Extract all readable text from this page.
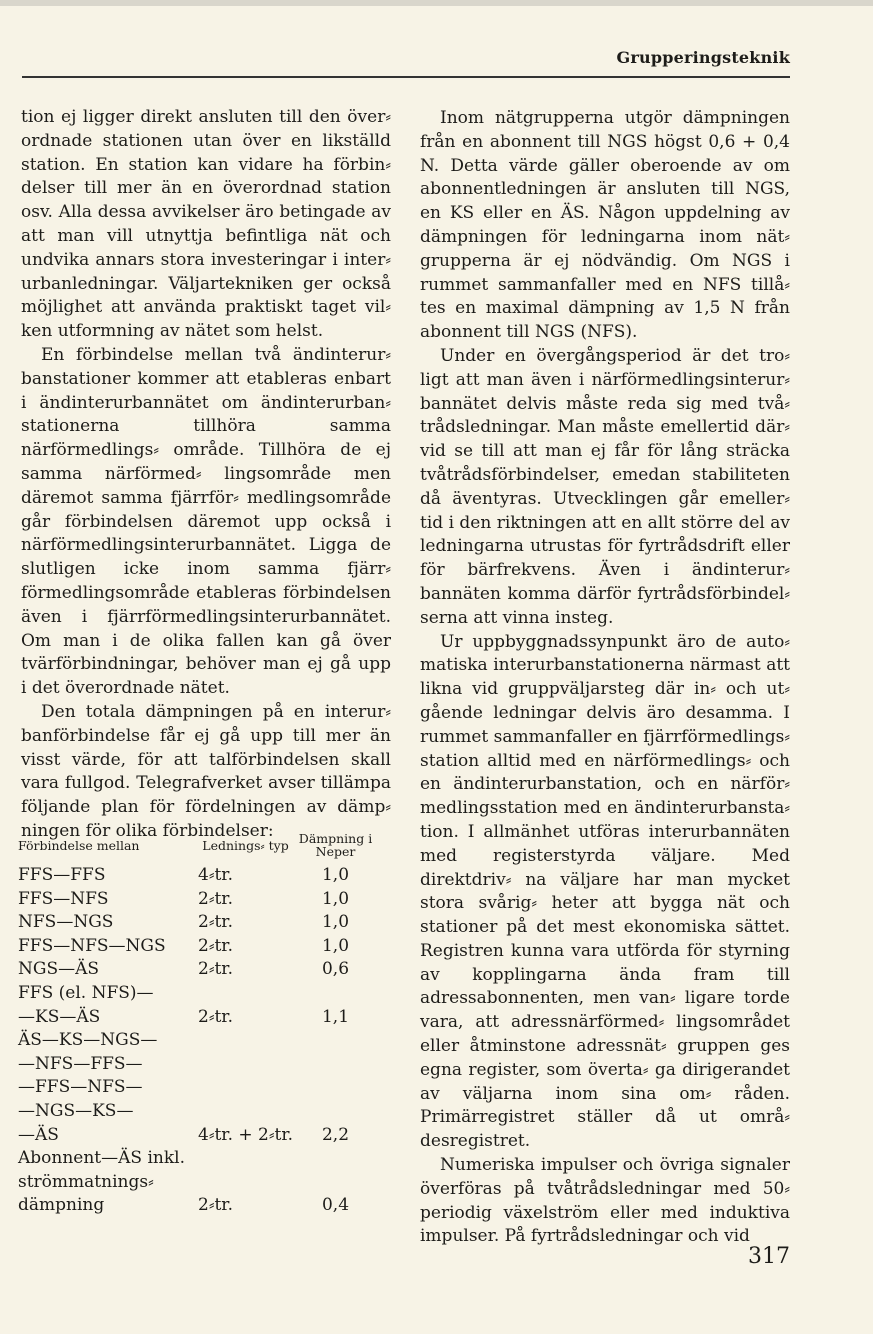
Grupperingsteknik

tion ej ligger direkt ansluten till den över⸗ ordnade stationen utan över en likställd station. En station kan vidare ha förbin⸗ delser till mer än en överordnad station osv. Alla dessa avvikelser äro betingade av att man vill utnyttja befintliga nät och undvika annars stora investeringar i inter⸗ urbanledningar. Väljartekniken ger också möjlighet att använda praktiskt taget vil⸗ ken utformning av nätet som helst.

En förbindelse mellan två ändinterur⸗ banstationer kommer att etableras enbart i ändinterurbannätet om ändinterurban⸗ stationerna tillhöra samma närförmedlings⸗ område. Tillhöra de ej samma närförmed⸗ lingsområde men däremot samma fjärrför⸗ medlingsområde går förbindelsen däremot upp också i närförmedlingsinterurbannätet. Ligga de slutligen icke inom samma fjärr⸗ förmedlingsområde etableras förbindelsen även i fjärrförmedlingsinterurbannätet. Om man i de olika fallen kan gå över tvärförbindningar, behöver man ej gå upp i det överordnade nätet.

Den totala dämpningen på en interur⸗ banförbindelse får ej gå upp till mer än visst värde, för att talförbindelsen skall vara fullgod. Telegrafverket avser tillämpa följande plan för fördelningen av dämp⸗ ningen för olika förbindelser:

Förbindelse mellan	Lednings⸗ typ	Dämpning i Neper
FFS—FFS	4⸗tr.	1,0
FFS—NFS	2⸗tr.	1,0
NFS—NGS	2⸗tr.	1,0
FFS—NFS—NGS	2⸗tr.	1,0
NGS—ÄS	2⸗tr.	0,6
FFS (el. NFS)—		
—KS—ÄS	2⸗tr.	1,1
ÄS—KS—NGS—		
—NFS—FFS—		
—FFS—NFS—		
—NGS—KS—		
—ÄS	4⸗tr. + 2⸗tr.	2,2
Abonnent—ÄS inkl.		
strömmatnings⸗		
dämpning	2⸗tr.	0,4

Inom nätgrupperna utgör dämpningen från en abonnent till NGS högst 0,6 + 0,4 N. Detta värde gäller oberoende av om abonnentledningen är ansluten till NGS, en KS eller en ÄS. Någon uppdelning av dämpningen för ledningarna inom nät⸗ grupperna är ej nödvändig. Om NGS i rummet sammanfaller med en NFS tillå⸗ tes en maximal dämpning av 1,5 N från abonnent till NGS (NFS).

Under en övergångsperiod är det tro⸗ ligt att man även i närförmedlingsinterur⸗ bannätet delvis måste reda sig med två⸗ trådsledningar. Man måste emellertid där⸗ vid se till att man ej får för lång sträcka tvåtrådsförbindelser, emedan stabiliteten då äventyras. Utvecklingen går emeller⸗ tid i den riktningen att en allt större del av ledningarna utrustas för fyrtrådsdrift eller för bärfrekvens. Även i ändinterur⸗ bannäten komma därför fyrtrådsförbindel⸗ serna att vinna insteg.

Ur uppbyggnadssynpunkt äro de auto⸗ matiska interurbanstationerna närmast att likna vid gruppväljarsteg där in⸗ och ut⸗ gående ledningar delvis äro desamma. I rummet sammanfaller en fjärrförmedlings⸗ station alltid med en närförmedlings⸗ och en ändinterurbanstation, och en närför⸗ medlingsstation med en ändinterurbansta⸗ tion. I allmänhet utföras interurbannäten med registerstyrda väljare. Med direktdriv⸗ na väljare har man mycket stora svårig⸗ heter att bygga nät och stationer på det mest ekonomiska sättet. Registren kunna vara utförda för styrning av kopplingarna ända fram till adressabonnenten, men van⸗ ligare torde vara, att adressnärförmed⸗ lingsområdet eller åtminstone adressnät⸗ gruppen ges egna register, som överta⸗ ga dirigerandet av väljarna inom sina om⸗ råden. Primärregistret ställer då ut områ⸗ desregistret.

Numeriska impulser och övriga signaler överföras på tvåtrådsledningar med 50⸗ periodig växelström eller med induktiva impulser. På fyrtrådsledningar och vid

317
